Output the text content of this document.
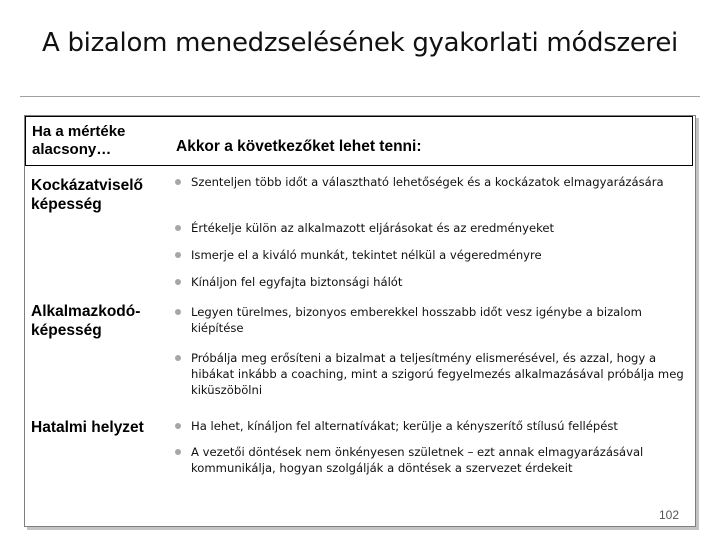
A bizalom menedzselésének gyakorlati módszerei
Ha a mértéke alacsony…	Akkor a következőket lehet tenni:
Kockázatviselő képesség
Szenteljen több időt a választható lehetőségek és a kockázatok elmagyarázására
Értékelje külön az alkalmazott eljárásokat és az eredményeket
Ismerje el a kiváló munkát, tekintet nélkül a végeredményre
Kínáljon fel egyfajta biztonsági hálót
Alkalmazkodó-képesség
Legyen türelmes, bizonyos emberekkel hosszabb időt vesz igénybe a bizalom kiépítése
Próbálja meg erősíteni a bizalmat a teljesítmény elismerésével, és azzal, hogy a hibákat inkább a coaching, mint a szigorú fegyelmezés alkalmazásával próbálja meg kiküszöbölni
Hatalmi helyzet	Ha lehet, kínáljon fel alternatívákat; kerülje a kényszerítő stílusú fellépést
A vezetői döntések nem önkényesen születnek – ezt annak elmagyarázásával kommunikálja, hogyan szolgálják a döntések a szervezet érdekeit
102
